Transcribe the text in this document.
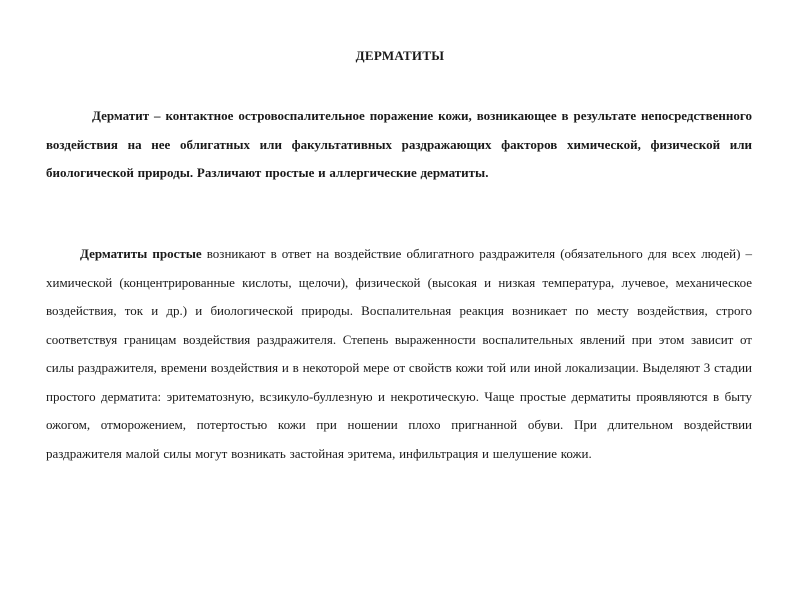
ДЕРМАТИТЫ

Дерматит – контактное островоспалительное поражение кожи, возникающее в результате непосредственного воздействия на нее облигатных или факультативных раздражающих факторов химической, физической или биологической природы. Различают простые и аллергические дерматиты.

Дерматиты простые возникают в ответ на воздействие облигатного раздражителя (обязательного для всех людей) – химической (концентрированные кислоты, щелочи), физической (высокая и низкая температура, лучевое, механическое воздействия, ток и др.) и биологической природы. Воспалительная реакция возникает по месту воздействия, строго соответствуя границам воздействия раздражителя. Степень выраженности воспалительных явлений при этом зависит от силы раздражителя, времени воздействия и в некоторой мере от свойств кожи той или иной локализации. Выделяют 3 стадии простого дерматита: эритематозную, всзикуло-буллезную и некротическую. Чаще простые дерматиты проявляются в быту ожогом, отморожением, потертостью кожи при ношении плохо пригнанной обуви. При длительном воздействии раздражителя малой силы могут возникать застойная эритема, инфильтрация и шелушение кожи.
